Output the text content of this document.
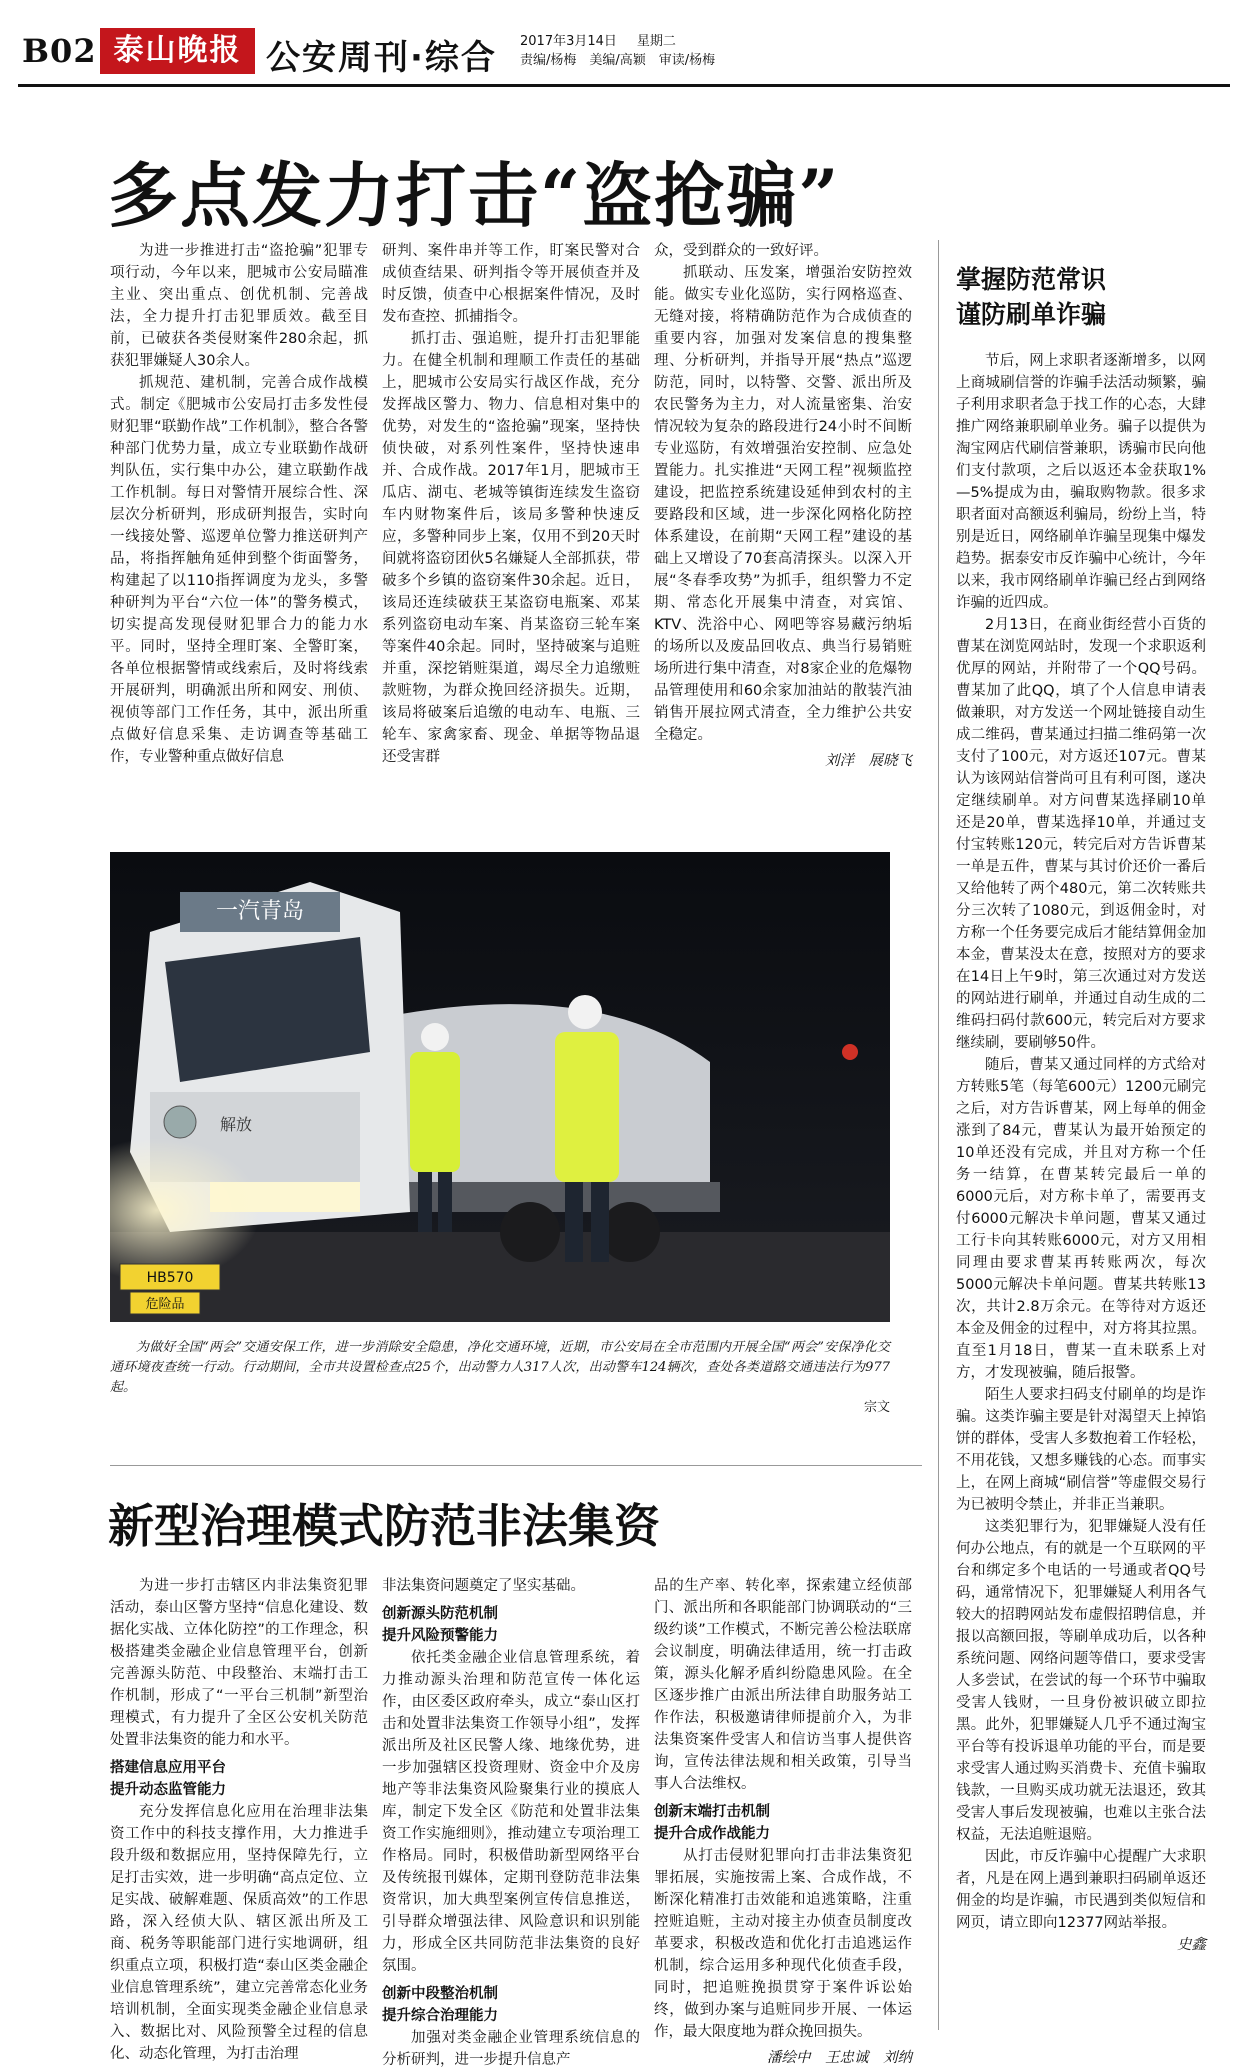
B02 泰山晚报 公安周刊·综合 2017年3月14日 星期二
责编/杨梅　美编/高颖　审读/杨梅
多点发力打击“盗抢骗”

为进一步推进打击“盗抢骗”犯罪专项行动，今年以来，肥城市公安局瞄准主业、突出重点、创优机制、完善战法，全力提升打击犯罪质效。截至目前，已破获各类侵财案件280余起，抓获犯罪嫌疑人30余人。

抓规范、建机制，完善合成作战模式。制定《肥城市公安局打击多发性侵财犯罪“联勤作战”工作机制》，整合各警种部门优势力量，成立专业联勤作战研判队伍，实行集中办公，建立联勤作战工作机制。每日对警情开展综合性、深层次分析研判，形成研判报告，实时向一线接处警、巡逻单位警力推送研判产品，将指挥触角延伸到整个街面警务，构建起了以110指挥调度为龙头，多警种研判为平台“六位一体”的警务模式，切实提高发现侵财犯罪合力的能力水平。同时，坚持全理盯案、全警盯案，各单位根据警情或线索后，及时将线索开展研判，明确派出所和网安、刑侦、视侦等部门工作任务，其中，派出所重点做好信息采集、走访调查等基础工作，专业警种重点做好信息

研判、案件串并等工作，盯案民警对合成侦查结果、研判指令等开展侦查并及时反馈，侦查中心根据案件情况，及时发布查控、抓捕指令。

抓打击、强追赃，提升打击犯罪能力。在健全机制和理顺工作责任的基础上，肥城市公安局实行战区作战，充分发挥战区警力、物力、信息相对集中的优势，对发生的“盗抢骗”现案，坚持快侦快破，对系列性案件，坚持快速串并、合成作战。2017年1月，肥城市王瓜店、湖屯、老城等镇街连续发生盗窃车内财物案件后，该局多警种快速反应，多警种同步上案，仅用不到20天时间就将盗窃团伙5名嫌疑人全部抓获，带破多个乡镇的盗窃案件30余起。近日，该局还连续破获王某盗窃电瓶案、邓某系列盗窃电动车案、肖某盗窃三轮车案等案件40余起。同时，坚持破案与追赃并重，深挖销赃渠道，竭尽全力追缴赃款赃物，为群众挽回经济损失。近期，该局将破案后追缴的电动车、电瓶、三轮车、家禽家畜、现金、单据等物品退还受害群

众，受到群众的一致好评。

抓联动、压发案，增强治安防控效能。做实专业化巡防，实行网格巡查、无缝对接，将精确防范作为合成侦查的重要内容，加强对发案信息的搜集整理、分析研判，并指导开展“热点”巡逻防范，同时，以特警、交警、派出所及农民警务为主力，对人流量密集、治安情况较为复杂的路段进行24小时不间断专业巡防，有效增强治安控制、应急处置能力。扎实推进“天网工程”视频监控建设，把监控系统建设延伸到农村的主要路段和区域，进一步深化网格化防控体系建设，在前期“天网工程”建设的基础上又增设了70套高清探头。以深入开展“冬春季攻势”为抓手，组织警力不定期、常态化开展集中清查，对宾馆、KTV、洗浴中心、网吧等容易藏污纳垢的场所以及废品回收点、典当行易销赃场所进行集中清查，对8家企业的危爆物品管理使用和60余家加油站的散装汽油销售开展拉网式清查，全力维护公共安全稳定。

刘洋　展晓飞

一汽青岛
HB570
危险品

为做好全国“两会”交通安保工作，进一步消除安全隐患，净化交通环境，近期，市公安局在全市范围内开展全国“两会”安保净化交通环境夜查统一行动。行动期间，全市共设置检查点25个，出动警力人317人次，出动警车124辆次，查处各类道路交通违法行为977起。

宗文
掌握防范常识
谨防刷单诈骗

节后，网上求职者逐渐增多，以网上商城刷信誉的诈骗手法活动频繁，骗子利用求职者急于找工作的心态，大肆推广网络兼职刷单业务。骗子以提供为淘宝网店代刷信誉兼职，诱骗市民向他们支付款项，之后以返还本金获取1%—5%提成为由，骗取购物款。很多求职者面对高额返利骗局，纷纷上当，特别是近日，网络刷单诈骗呈现集中爆发趋势。据泰安市反诈骗中心统计，今年以来，我市网络刷单诈骗已经占到网络诈骗的近四成。

2月13日，在商业街经营小百货的曹某在浏览网站时，发现一个求职返利优厚的网站，并附带了一个QQ号码。曹某加了此QQ，填了个人信息申请表做兼职，对方发送一个网址链接自动生成二维码，曹某通过扫描二维码第一次支付了100元，对方返还107元。曹某认为该网站信誉尚可且有利可图，遂决定继续刷单。对方问曹某选择刷10单还是20单，曹某选择10单，并通过支付宝转账120元，转完后对方告诉曹某一单是五件，曹某与其讨价还价一番后又给他转了两个480元，第二次转账共分三次转了1080元，到返佣金时，对方称一个任务要完成后才能结算佣金加本金，曹某没太在意，按照对方的要求在14日上午9时，第三次通过对方发送的网站进行刷单，并通过自动生成的二维码扫码付款600元，转完后对方要求继续刷，要刷够50件。

随后，曹某又通过同样的方式给对方转账5笔（每笔600元）1200元刷完之后，对方告诉曹某，网上每单的佣金涨到了84元，曹某认为最开始预定的10单还没有完成，并且对方称一个任务一结算，在曹某转完最后一单的6000元后，对方称卡单了，需要再支付6000元解决卡单问题，曹某又通过工行卡向其转账6000元，对方又用相同理由要求曹某再转账两次，每次5000元解决卡单问题。曹某共转账13次，共计2.8万余元。在等待对方返还本金及佣金的过程中，对方将其拉黑。直至1月18日，曹某一直未联系上对方，才发现被骗，随后报警。

陌生人要求扫码支付刷单的均是诈骗。这类诈骗主要是针对渴望天上掉馅饼的群体，受害人多数抱着工作轻松，不用花钱，又想多赚钱的心态。而事实上，在网上商城“刷信誉”等虚假交易行为已被明令禁止，并非正当兼职。

这类犯罪行为，犯罪嫌疑人没有任何办公地点，有的就是一个互联网的平台和绑定多个电话的一号通或者QQ号码，通常情况下，犯罪嫌疑人利用各气较大的招聘网站发布虚假招聘信息，并报以高额回报，等刷单成功后，以各种系统问题、网络问题等借口，要求受害人多尝试，在尝试的每一个环节中骗取受害人钱财，一旦身份被识破立即拉黑。此外，犯罪嫌疑人几乎不通过淘宝平台等有投诉退单功能的平台，而是要求受害人通过购买消费卡、充值卡骗取钱款，一旦购买成功就无法退还，致其受害人事后发现被骗，也难以主张合法权益，无法追赃退赔。

因此，市反诈骗中心提醒广大求职者，凡是在网上遇到兼职扫码刷单返还佣金的均是诈骗，市民遇到类似短信和网页，请立即向12377网站举报。

史鑫
新型治理模式防范非法集资

为进一步打击辖区内非法集资犯罪活动，泰山区警方坚持“信息化建设、数据化实战、立体化防控”的工作理念，积极搭建类金融企业信息管理平台，创新完善源头防范、中段整治、末端打击工作机制，形成了“一平台三机制”新型治理模式，有力提升了全区公安机关防范处置非法集资的能力和水平。

搭建信息应用平台

提升动态监管能力

充分发挥信息化应用在治理非法集资工作中的科技支撑作用，大力推进手段升级和数据应用，坚持保障先行，立足打击实效，进一步明确“高点定位、立足实战、破解难题、保质高效”的工作思路，深入经侦大队、辖区派出所及工商、税务等职能部门进行实地调研，组织重点立项，积极打造“泰山区类金融企业信息管理系统”，建立完善常态化业务培训机制，全面实现类金融企业信息录入、数据比对、风险预警全过程的信息化、动态化管理，为打击治理

非法集资问题奠定了坚实基础。

创新源头防范机制

提升风险预警能力

依托类金融企业信息管理系统，着力推动源头治理和防范宣传一体化运作，由区委区政府牵头，成立“泰山区打击和处置非法集资工作领导小组”，发挥派出所及社区民警人缘、地缘优势，进一步加强辖区投资理财、资金中介及房地产等非法集资风险聚集行业的摸底人库，制定下发全区《防范和处置非法集资工作实施细则》，推动建立专项治理工作格局。同时，积极借助新型网络平台及传统报刊媒体，定期刊登防范非法集资常识，加大典型案例宣传信息推送，引导群众增强法律、风险意识和识别能力，形成全区共同防范非法集资的良好氛围。

创新中段整治机制

提升综合治理能力

加强对类金融企业管理系统信息的分析研判，进一步提升信息产

品的生产率、转化率，探索建立经侦部门、派出所和各职能部门协调联动的“三级约谈”工作模式，不断完善公检法联席会议制度，明确法律适用，统一打击政策，源头化解矛盾纠纷隐患风险。在全区逐步推广由派出所法律自助服务站工作作法，积极邀请律师提前介入，为非法集资案件受害人和信访当事人提供咨询，宣传法律法规和相关政策，引导当事人合法维权。

创新末端打击机制

提升合成作战能力

从打击侵财犯罪向打击非法集资犯罪拓展，实施按需上案、合成作战，不断深化精准打击效能和追逃策略，注重控赃追赃，主动对接主办侦查员制度改革要求，积极改造和优化打击追逃运作机制，综合运用多种现代化侦查手段，同时，把追赃挽损贯穿于案件诉讼始终，做到办案与追赃同步开展、一体运作，最大限度地为群众挽回损失。

潘绘中　王忠诚　刘纳
